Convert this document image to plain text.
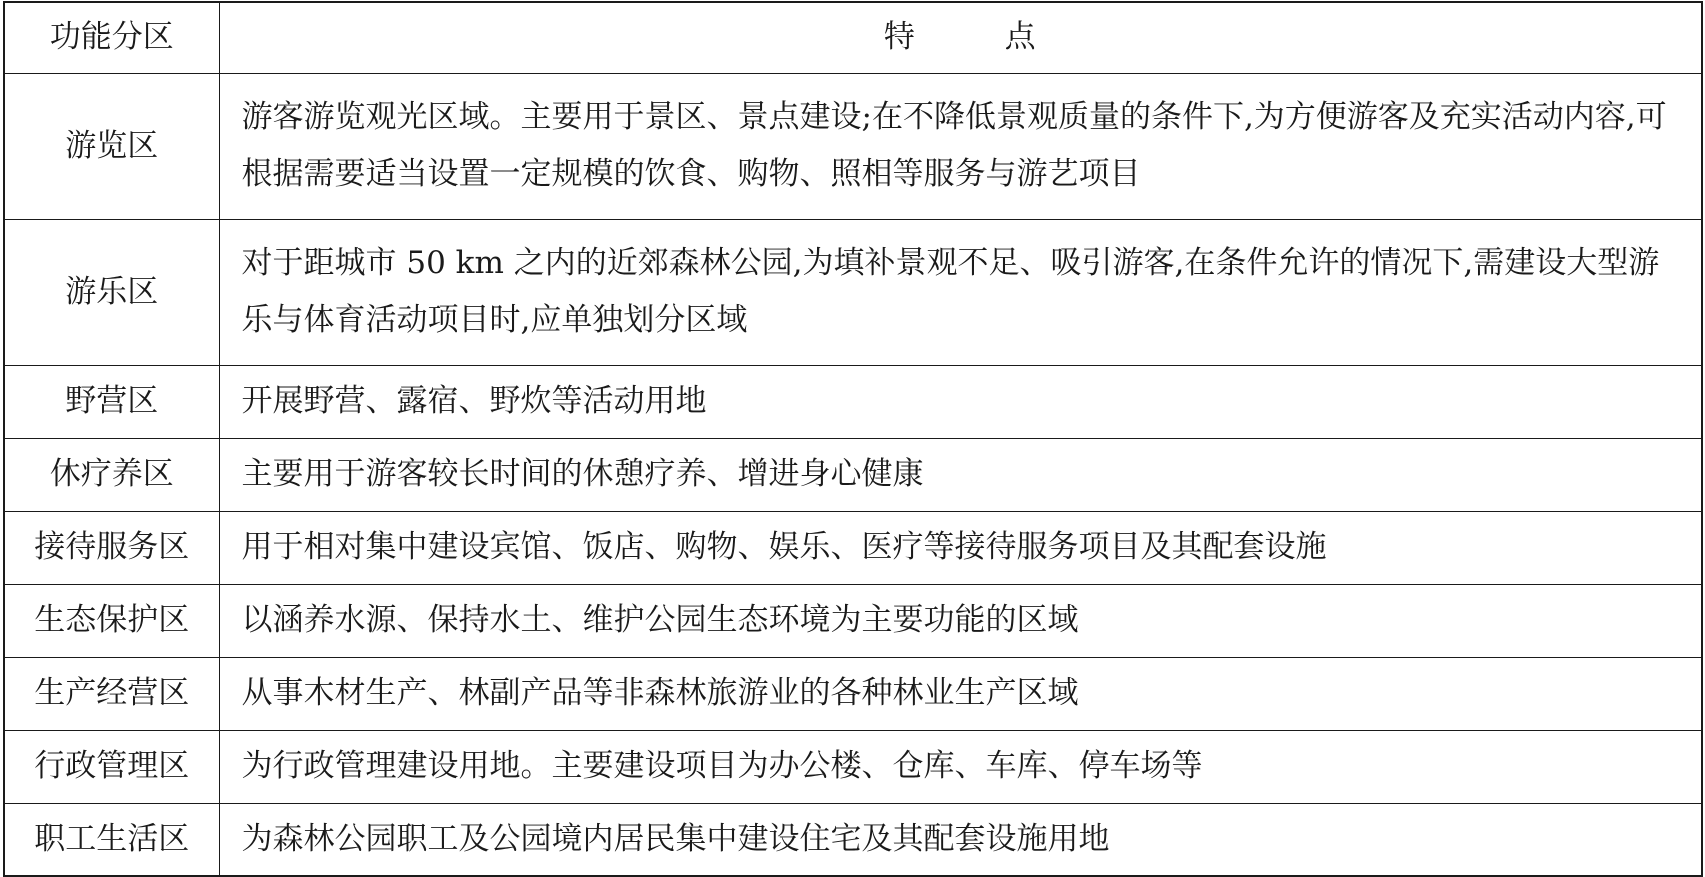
功能分区	特 点
游览区	游客游览观光区域。主要用于景区、景点建设;在不降低景观质量的条件下,为方便游客及充实活动内容,可根据需要适当设置一定规模的饮食、购物、照相等服务与游艺项目
游乐区	对于距城市 50 km 之内的近郊森林公园,为填补景观不足、吸引游客,在条件允许的情况下,需建设大型游乐与体育活动项目时,应单独划分区域
野营区	开展野营、露宿、野炊等活动用地
休疗养区	主要用于游客较长时间的休憩疗养、增进身心健康
接待服务区	用于相对集中建设宾馆、饭店、购物、娱乐、医疗等接待服务项目及其配套设施
生态保护区	以涵养水源、保持水土、维护公园生态环境为主要功能的区域
生产经营区	从事木材生产、林副产品等非森林旅游业的各种林业生产区域
行政管理区	为行政管理建设用地。主要建设项目为办公楼、仓库、车库、停车场等
职工生活区	为森林公园职工及公园境内居民集中建设住宅及其配套设施用地
